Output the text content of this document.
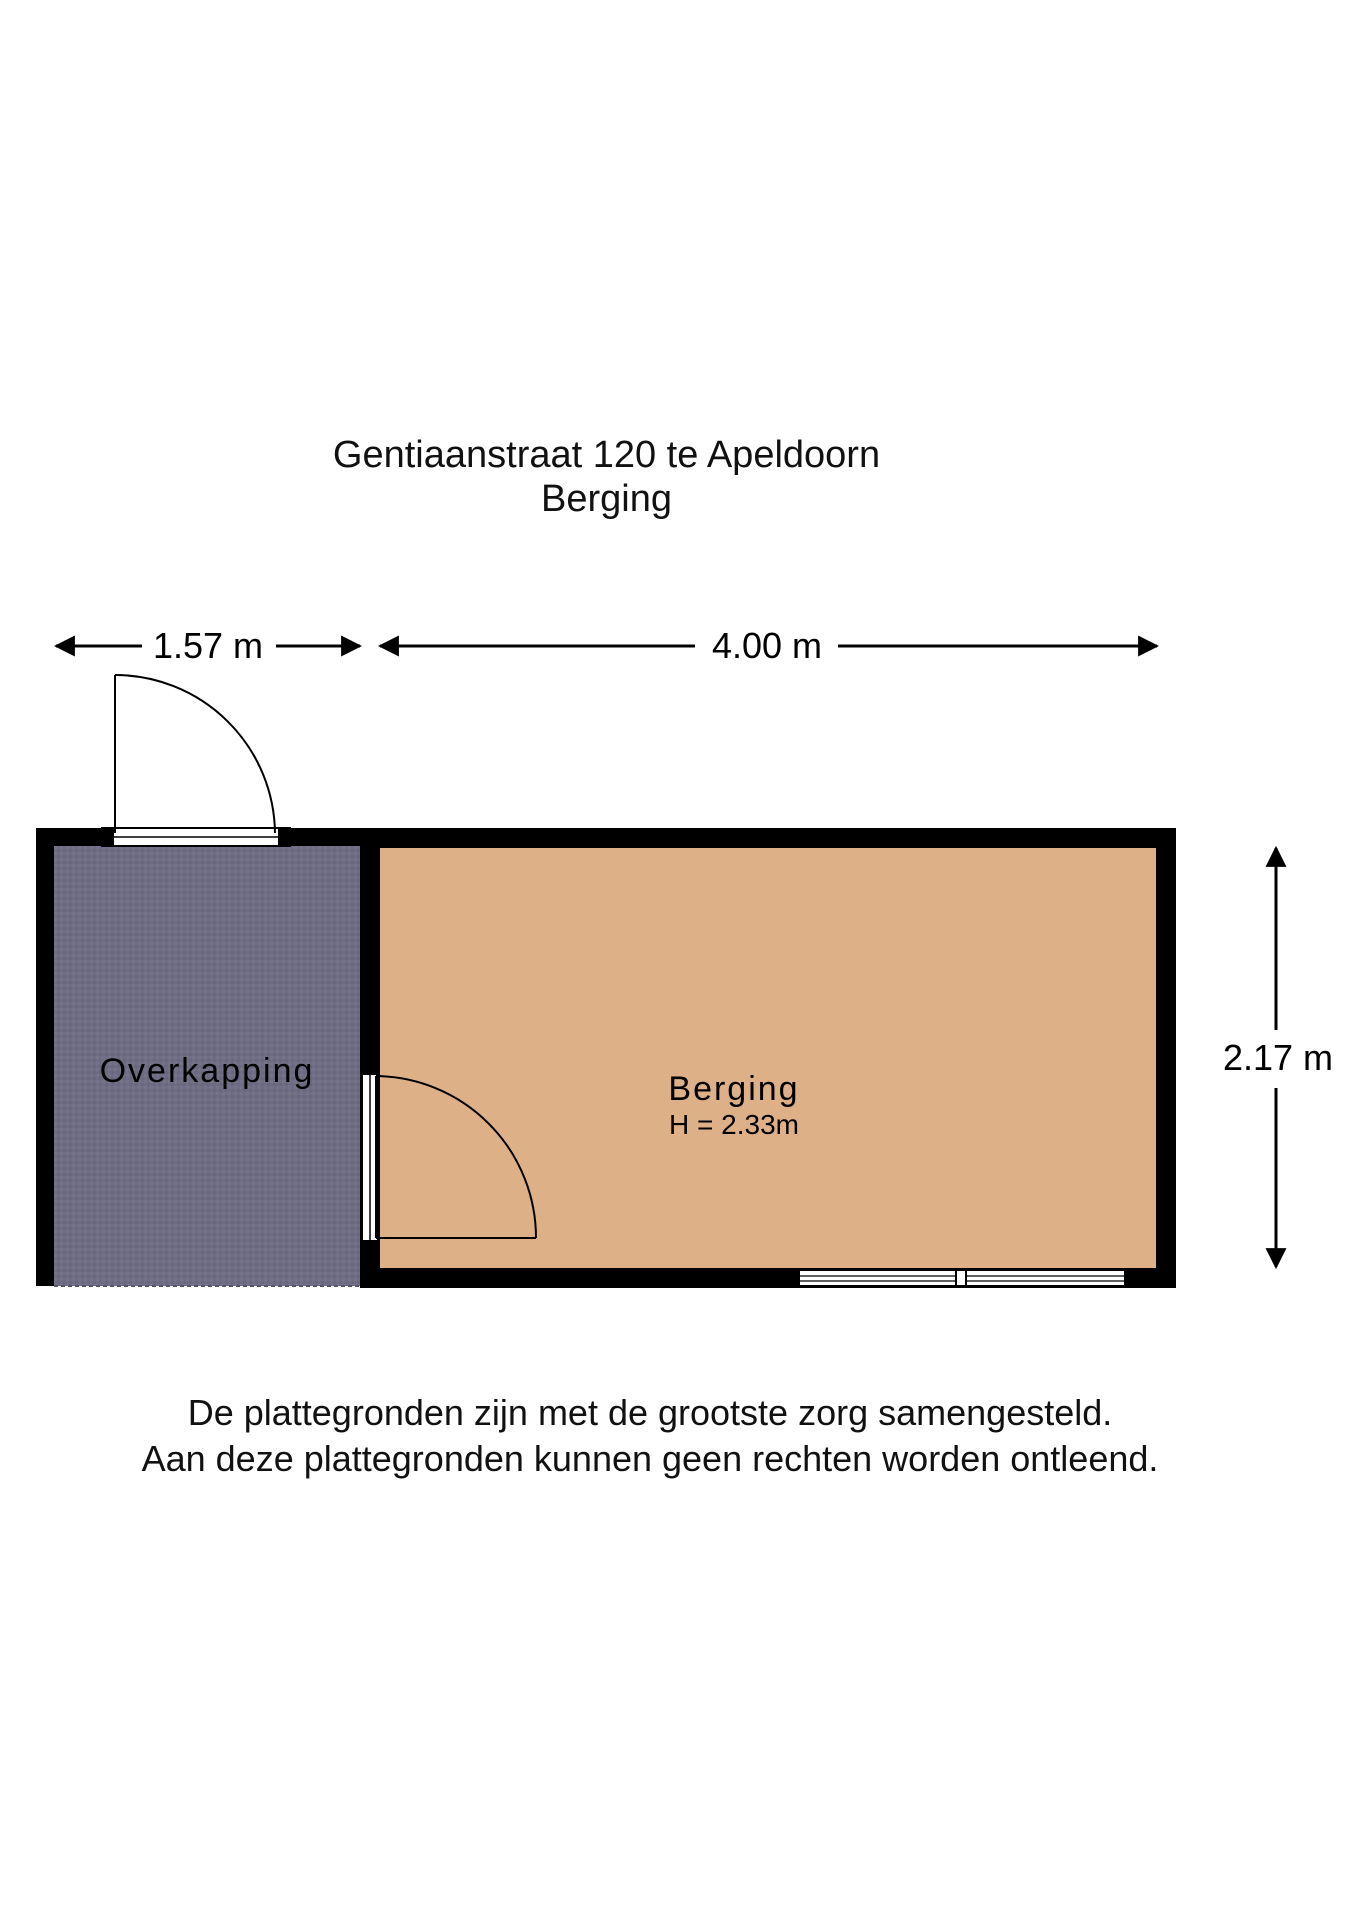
Gentiaanstraat 120 te Apeldoorn
Berging
1.57 m	4.00 m
2.17 m
Overkapping	Berging
H = 2.33m
De plattegronden zijn met de grootste zorg samengesteld.
Aan deze plattegronden kunnen geen rechten worden ontleend.
